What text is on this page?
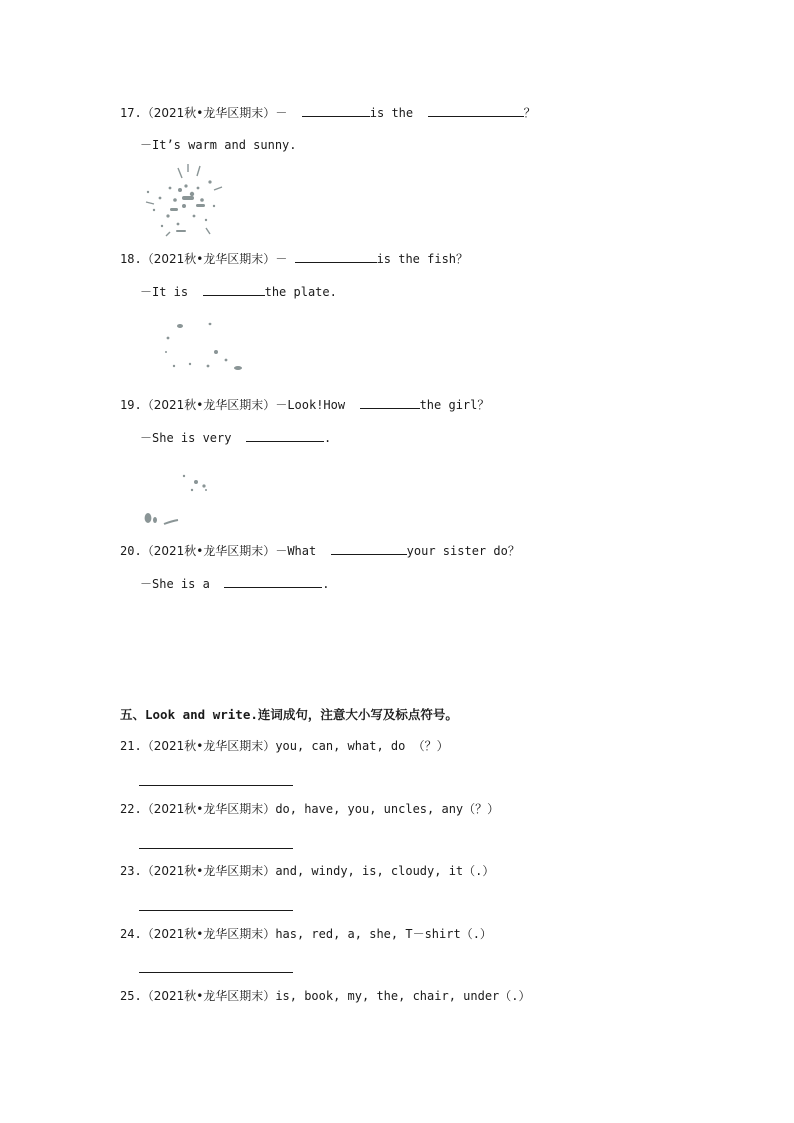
17.（2021秋•龙华区期末）－	is the	？
－It’s warm and sunny.
18.（2021秋•龙华区期末）－	is the fish？
－It is	the plate.
19.（2021秋•龙华区期末）－Look!How	the girl？
－She is very	.
20.（2021秋•龙华区期末）－What	your sister do？
－She is a	.
五、Look and write.连词成句，注意大小写及标点符号。
21.（2021秋•龙华区期末）you, can, what, do （？）
22.（2021秋•龙华区期末）do, have, you, uncles, any（？）
23.（2021秋•龙华区期末）and, windy, is, cloudy, it（.）
24.（2021秋•龙华区期末）has, red, a, she, T－shirt（.）
25.（2021秋•龙华区期末）is, book, my, the, chair, under（.）
